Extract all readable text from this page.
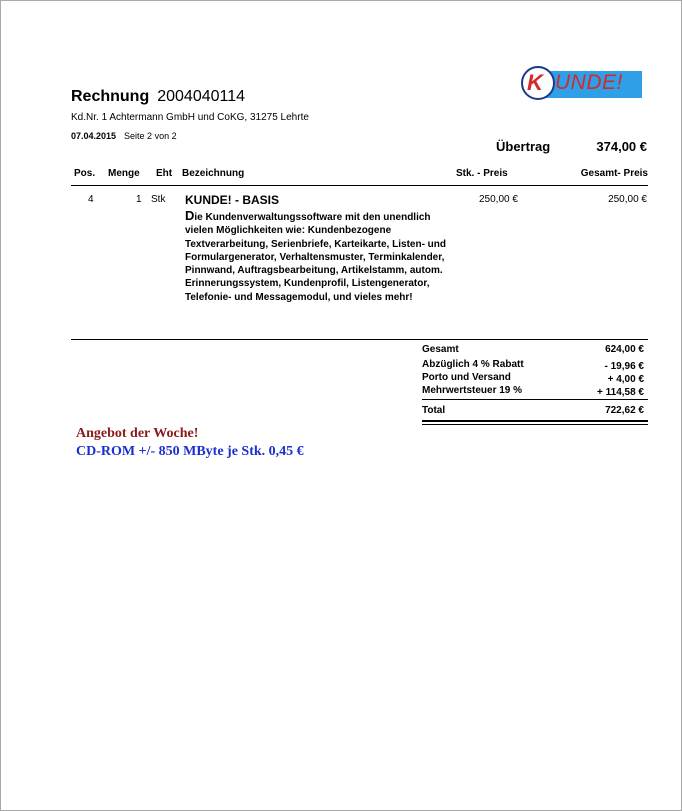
Rechnung 2004040114
Kd.Nr. 1 Achtermann GmbH und CoKG, 31275 Lehrte
07.04.2015 Seite 2 von 2
K UNDE!
Übertrag	374,00 €
Pos. Menge Eht Bezeichnung	Stk. - Preis	Gesamt- Preis
4	1 Stk KUNDE! - BASIS
Die Kundenverwaltungssoftware mit den unendlich vielen Möglichkeiten wie: Kundenbezogene Textverarbeitung, Serienbriefe, Karteikarte, Listen- und Formulargenerator, Verhaltensmuster, Terminkalender, Pinnwand, Auftragsbearbeitung, Artikelstamm, autom. Erinnerungssystem, Kundenprofil, Listengenerator, Telefonie- und Messagemodul, und vieles mehr!
250,00 €	250,00 €
Gesamt	624,00 €
Abzüglich 4 % Rabatt	- 19,96 €
Porto und Versand	+ 4,00 €
Mehrwertsteuer 19 %	+ 114,58 €
Total	722,62 €
Angebot der Woche!
CD-ROM +/- 850 MByte je Stk. 0,45 €
